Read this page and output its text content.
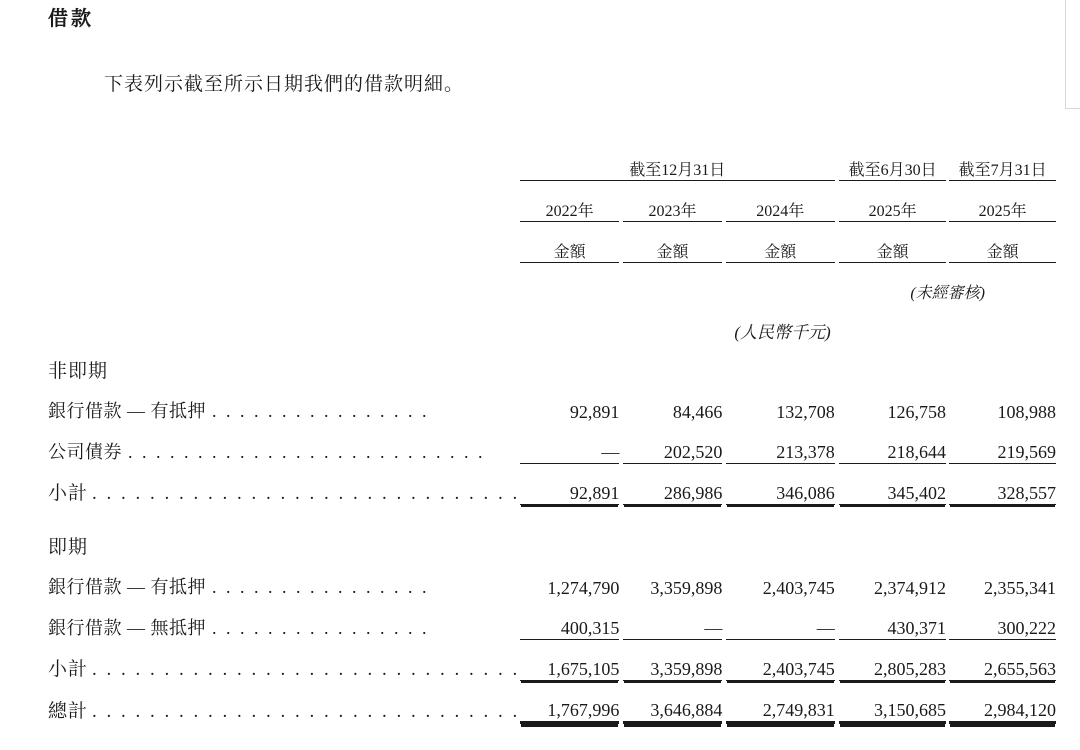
借款
下表列示截至所示日期我們的借款明細。
	截至12月31日						截至6月30日		截至7月31日
	2022年		2023年		2024年		2025年		2025年
	金額		金額		金額		金額		金額
							(未經審核)		
					(人民幣千元)				
非即期									
銀行借款 — 有抵押 . . . . . . . . . . . . . . . .	92,891		84,466		132,708		126,758		108,988
公司債券 . . . . . . . . . . . . . . . . . . . . . . . . . .	—		202,520		213,378		218,644		219,569
小計 . . . . . . . . . . . . . . . . . . . . . . . . . . . . . .	92,891		286,986		346,086		345,402		328,557

即期									
銀行借款 — 有抵押 . . . . . . . . . . . . . . . .	1,274,790		3,359,898		2,403,745		2,374,912		2,355,341
銀行借款 — 無抵押 . . . . . . . . . . . . . . . .	400,315		—		—		430,371		300,222
小計 . . . . . . . . . . . . . . . . . . . . . . . . . . . . . .	1,675,105		3,359,898		2,403,745		2,805,283		2,655,563
總計 . . . . . . . . . . . . . . . . . . . . . . . . . . . . . .	1,767,996		3,646,884		2,749,831		3,150,685		2,984,120
